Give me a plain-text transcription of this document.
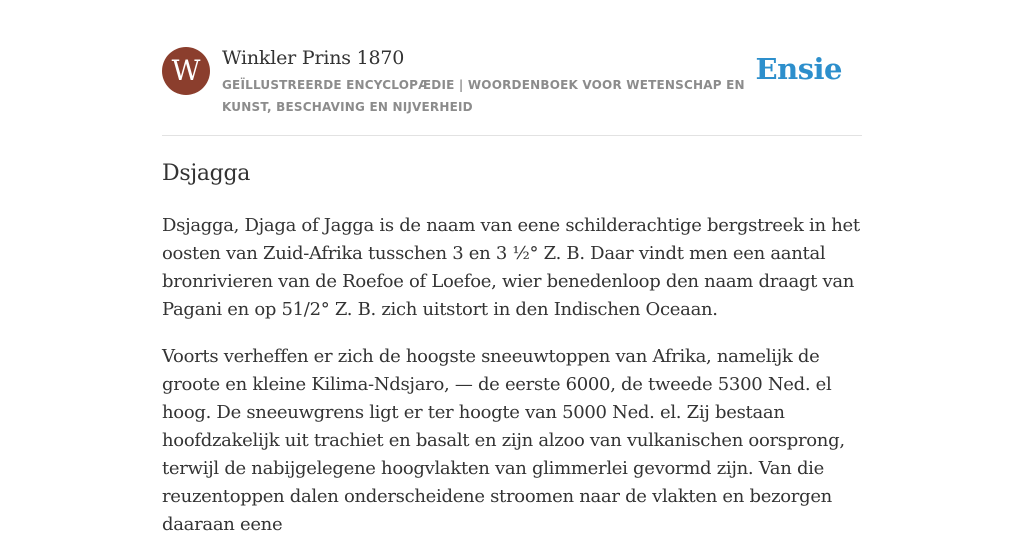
W Winkler Prins 1870
GEÏLLUSTREERDE ENCYCLOPÆDIE | WOORDENBOEK VOOR WETENSCHAP EN KUNST, BESCHAVING EN NIJVERHEID
Ensie
Dsjagga

Dsjagga, Djaga of Jagga is de naam van eene schilderachtige bergstreek in het oosten van Zuid-Afrika tusschen 3 en 3 ½° Z. B. Daar vindt men een aantal bronrivieren van de Roefoe of Loefoe, wier benedenloop den naam draagt van Pagani en op 51/2° Z. B. zich uitstort in den Indischen Oceaan.

Voorts verheffen er zich de hoogste sneeuwtoppen van Afrika, namelijk de groote en kleine Kilima-Ndsjaro, — de eerste 6000, de tweede 5300 Ned. el hoog. De sneeuwgrens ligt er ter hoogte van 5000 Ned. el. Zij bestaan hoofdzakelijk uit trachiet en basalt en zijn alzoo van vulkanischen oorsprong, terwijl de nabijgelegene hoogvlakten van glimmerlei gevormd zijn. Van die reuzentoppen dalen onderscheidene stroomen naar de vlakten en bezorgen daaraan eene
